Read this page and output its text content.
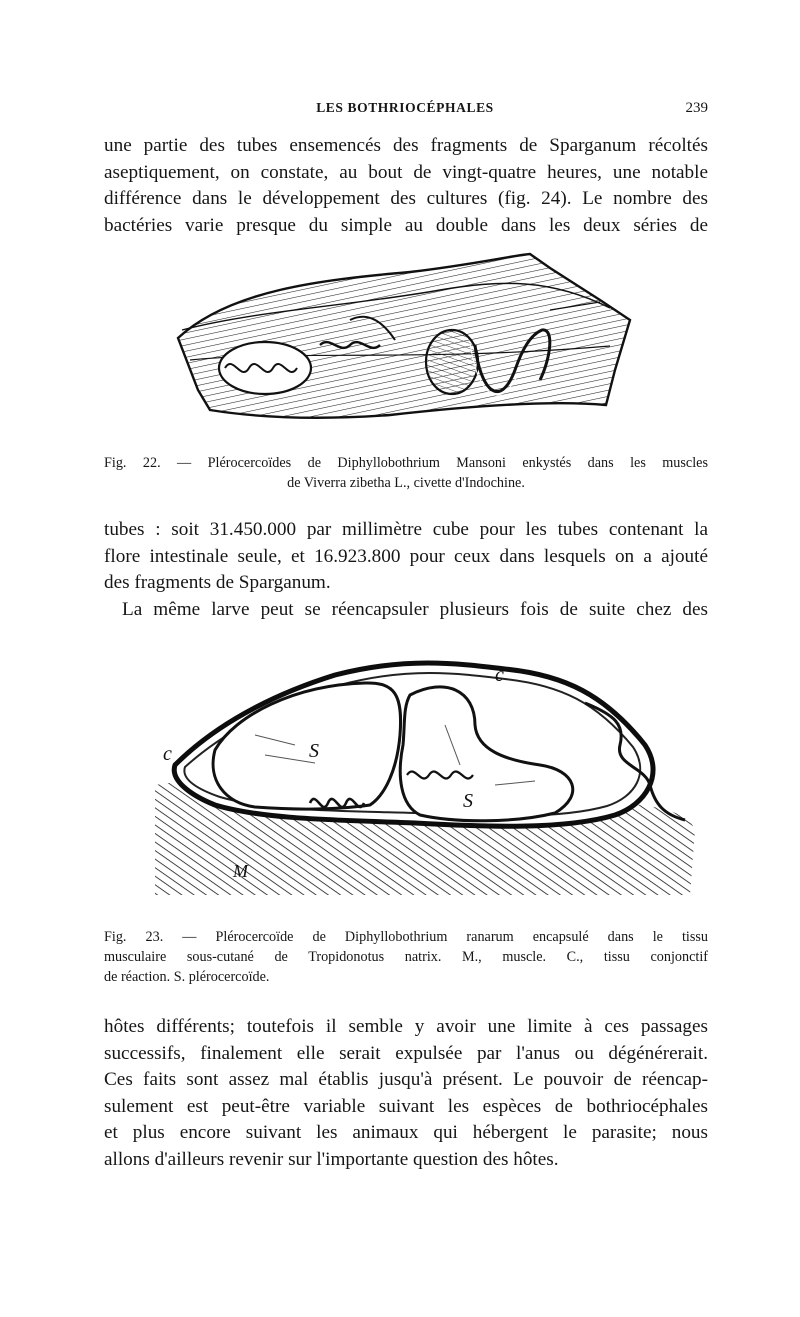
LES BOTHRIOCÉPHALES	239

une partie des tubes ensemencés des fragments de Sparganum récoltés
aseptiquement, on constate, au bout de vingt-quatre heures, une notable
différence dans le développement des cultures (fig. 24). Le nombre des
bactéries varie presque du simple au double dans les deux séries de

Fig. 22. — Plérocercoïdes de Diphyllobothrium Mansoni enkystés dans les muscles
de Viverra zibetha L., civette d'Indochine.

tubes : soit 31.450.000 par millimètre cube pour les tubes contenant la
flore intestinale seule, et 16.923.800 pour ceux dans lesquels on a ajouté
des fragments de Sparganum.
La même larve peut se réencapsuler plusieurs fois de suite chez des

S
S
c
c
M
Fig. 23. — Plérocercoïde de Diphyllobothrium ranarum encapsulé dans le tissu
musculaire sous-cutané de Tropidonotus natrix. M., muscle. C., tissu conjonctif
de réaction. S. plérocercoïde.

hôtes différents; toutefois il semble y avoir une limite à ces passages
successifs, finalement elle serait expulsée par l'anus ou dégénérerait.
Ces faits sont assez mal établis jusqu'à présent. Le pouvoir de réencap-
sulement est peut-être variable suivant les espèces de bothriocéphales
et plus encore suivant les animaux qui hébergent le parasite; nous
allons d'ailleurs revenir sur l'importante question des hôtes.
